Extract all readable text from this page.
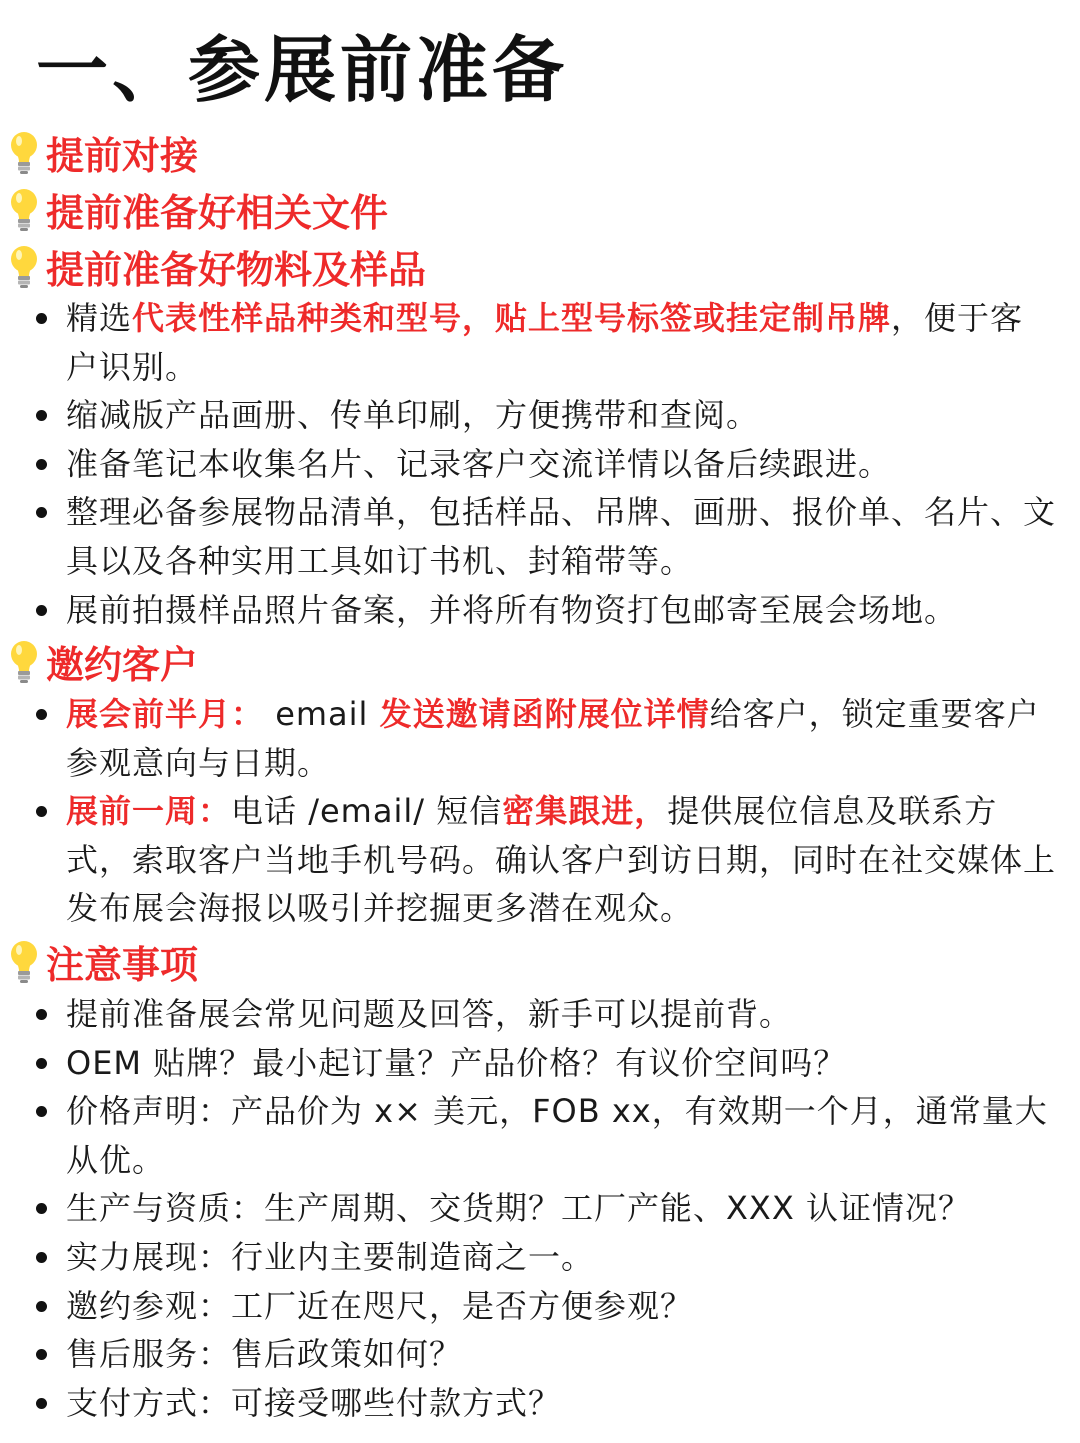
一、参展前准备
提前对接
提前准备好相关文件
提前准备好物料及样品
精选代表性样品种类和型号，贴上型号标签或挂定制吊牌，便于客户识别。
缩减版产品画册、传单印刷，方便携带和查阅。
准备笔记本收集名片、记录客户交流详情以备后续跟进。
整理必备参展物品清单，包括样品、吊牌、画册、报价单、名片、文具以及各种实用工具如订书机、封箱带等。
展前拍摄样品照片备案，并将所有物资打包邮寄至展会场地。
邀约客户
展会前半月： email 发送邀请函附展位详情给客户，锁定重要客户参观意向与日期。
展前一周：电话 /email/ 短信密集跟进，提供展位信息及联系方式，索取客户当地手机号码。确认客户到访日期，同时在社交媒体上发布展会海报以吸引并挖掘更多潜在观众。
注意事项
提前准备展会常见问题及回答，新手可以提前背。
OEM 贴牌？最小起订量？产品价格？有议价空间吗？
价格声明：产品价为 x× 美元，FOB xx，有效期一个月，通常量大从优。
生产与资质：生产周期、交货期？工厂产能、XXX 认证情况？
实力展现：行业内主要制造商之一。
邀约参观：工厂近在咫尺，是否方便参观？
售后服务：售后政策如何？
支付方式：可接受哪些付款方式？
